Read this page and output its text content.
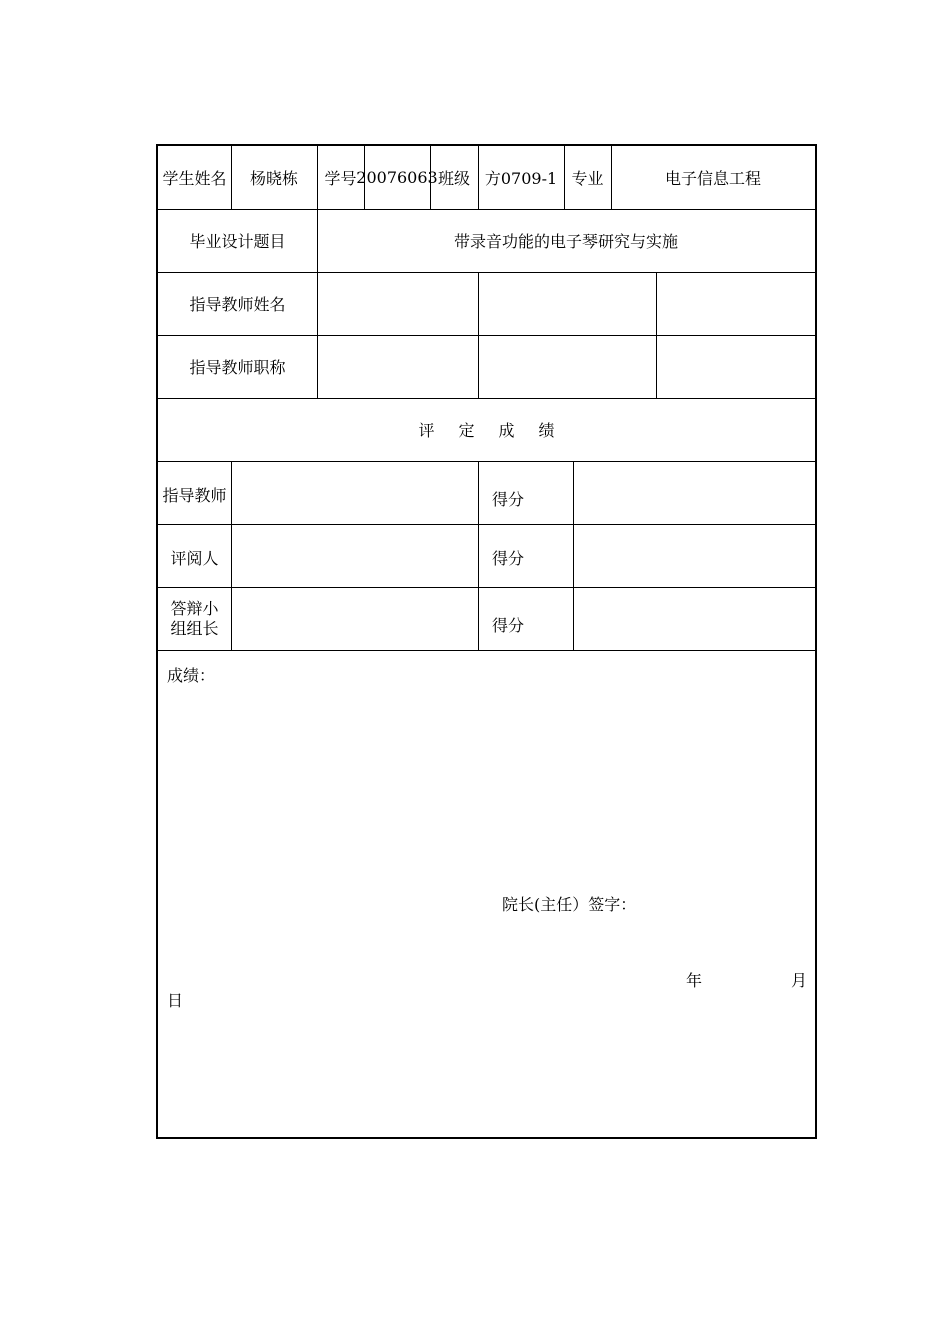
学生姓名	杨晓栋	学号 20076063 班级 方0709-1 专业	电子信息工程
毕业设计题目	带录音功能的电子琴研究与实施
指导教师姓名
指导教师职称
评定成绩
指导教师	得分
评阅人	得分
答辩小
组组长	得分
成绩：
院长(主任）签字：
年	月
日
